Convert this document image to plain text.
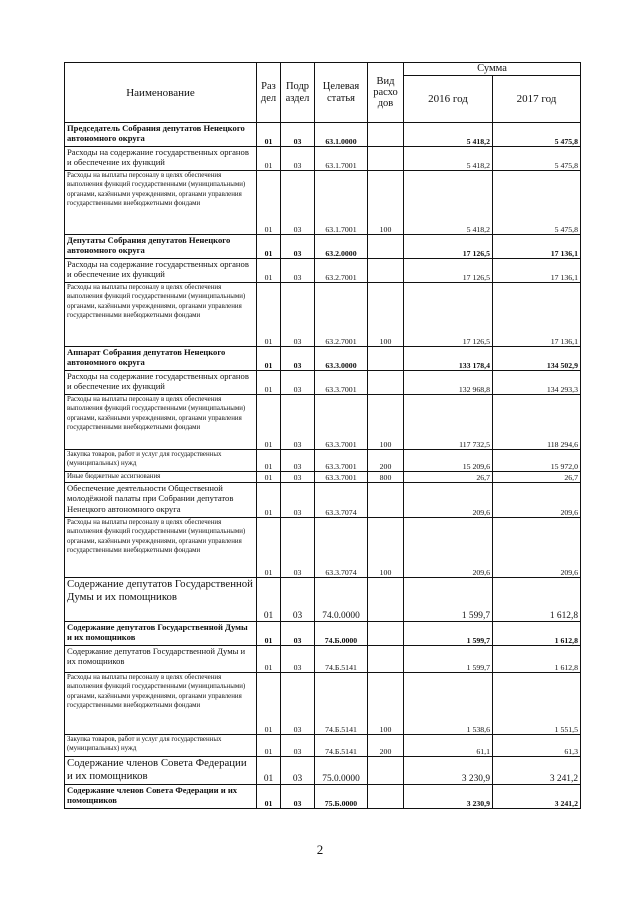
Наименование	Раз дел	Подр аздел	Целевая статья	Вид расхо дов	Сумма	
					2016 год	2017 год
Председатель Собрания депутатов Ненецкого автономного округа	01	03	63.1.0000		5 418,2	5 475,8
Расходы на содержание государственных органов и обеспечение их функций	01	03	63.1.7001		5 418,2	5 475,8
Расходы на выплаты персоналу в целях обеспечения выполнения функций государственными (муниципальными) органами, казёнными учреждениями, органами управления государственными внебюджетными фондами	01	03	63.1.7001	100	5 418,2	5 475,8
Депутаты Собрания депутатов Ненецкого автономного округа	01	03	63.2.0000		17 126,5	17 136,1
Расходы на содержание государственных органов и обеспечение их функций	01	03	63.2.7001		17 126,5	17 136,1
Расходы на выплаты персоналу в целях обеспечения выполнения функций государственными (муниципальными) органами, казёнными учреждениями, органами управления государственными внебюджетными фондами	01	03	63.2.7001	100	17 126,5	17 136,1
Аппарат Собрания депутатов Ненецкого автономного округа	01	03	63.3.0000		133 178,4	134 502,9
Расходы на содержание государственных органов и обеспечение их функций	01	03	63.3.7001		132 968,8	134 293,3
Расходы на выплаты персоналу в целях обеспечения выполнения функций государственными (муниципальными) органами, казёнными учреждениями, органами управления государственными внебюджетными фондами	01	03	63.3.7001	100	117 732,5	118 294,6
Закупка товаров, работ и услуг для государственных (муниципальных) нужд	01	03	63.3.7001	200	15 209,6	15 972,0
Иные бюджетные ассигнования	01	03	63.3.7001	800	26,7	26,7
Обеспечение деятельности Общественной молодёжной палаты при Собрании депутатов Ненецкого автономного округа	01	03	63.3.7074		209,6	209,6
Расходы на выплаты персоналу в целях обеспечения выполнения функций государственными (муниципальными) органами, казёнными учреждениями, органами управления государственными внебюджетными фондами	01	03	63.3.7074	100	209,6	209,6
Содержание депутатов Государственной Думы и их помощников	01	03	74.0.0000		1 599,7	1 612,8
Содержание депутатов Государственной Думы и их помощников	01	03	74.Б.0000		1 599,7	1 612,8
Содержание депутатов Государственной Думы и их помощников	01	03	74.Б.5141		1 599,7	1 612,8
Расходы на выплаты персоналу в целях обеспечения выполнения функций государственными (муниципальными) органами, казёнными учреждениями, органами управления государственными внебюджетными фондами	01	03	74.Б.5141	100	1 538,6	1 551,5
Закупка товаров, работ и услуг для государственных (муниципальных) нужд	01	03	74.Б.5141	200	61,1	61,3
Содержание членов Совета Федерации и их помощников	01	03	75.0.0000		3 230,9	3 241,2
Содержание членов Совета Федерации и их помощников	01	03	75.Б.0000		3 230,9	3 241,2
2
